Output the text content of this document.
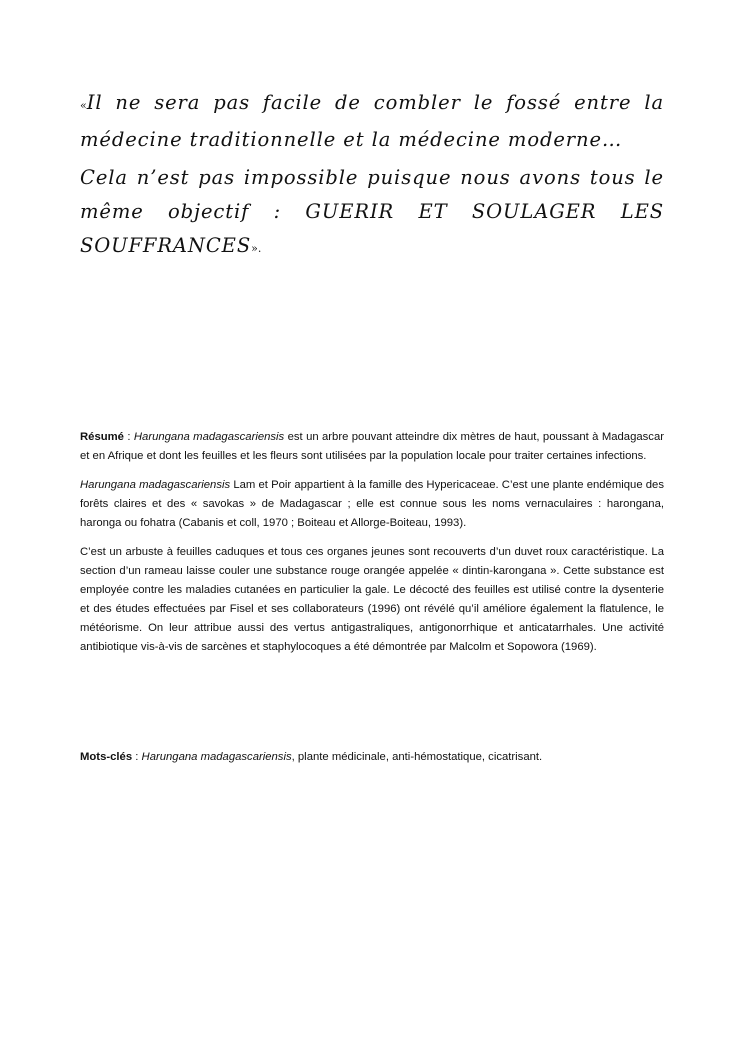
«Il ne sera pas facile de combler le fossé entre la médecine traditionnelle et la médecine moderne…

Cela n’est pas impossible puisque nous avons tous le même objectif : GUERIR ET SOULAGER LES SOUFFRANCES».

Résumé : Harungana madagascariensis est un arbre pouvant atteindre dix mètres de haut, poussant à Madagascar et en Afrique et dont les feuilles et les fleurs sont utilisées par la population locale pour traiter certaines infections.

Harungana madagascariensis Lam et Poir appartient à la famille des Hypericaceae. C’est une plante endémique des forêts claires et des « savokas » de Madagascar ; elle est connue sous les noms vernaculaires : harongana, haronga ou fohatra (Cabanis et coll, 1970 ; Boiteau et Allorge-Boiteau, 1993).

C’est un arbuste à feuilles caduques et tous ces organes jeunes sont recouverts d’un duvet roux caractéristique. La section d’un rameau laisse couler une substance rouge orangée appelée « dintin-karongana ». Cette substance est employée contre les maladies cutanées en particulier la gale. Le décocté des feuilles est utilisé contre la dysenterie et des études effectuées par Fisel et ses collaborateurs (1996) ont révélé qu’il améliore également la flatulence, le météorisme. On leur attribue aussi des vertus antigastraliques, antigonorrhique et anticatarrhales. Une activité antibiotique vis-à-vis de sarcènes et staphylocoques a été démontrée par Malcolm et Sopowora (1969).

Mots-clés : Harungana madagascariensis, plante médicinale, anti-hémostatique, cicatrisant.
